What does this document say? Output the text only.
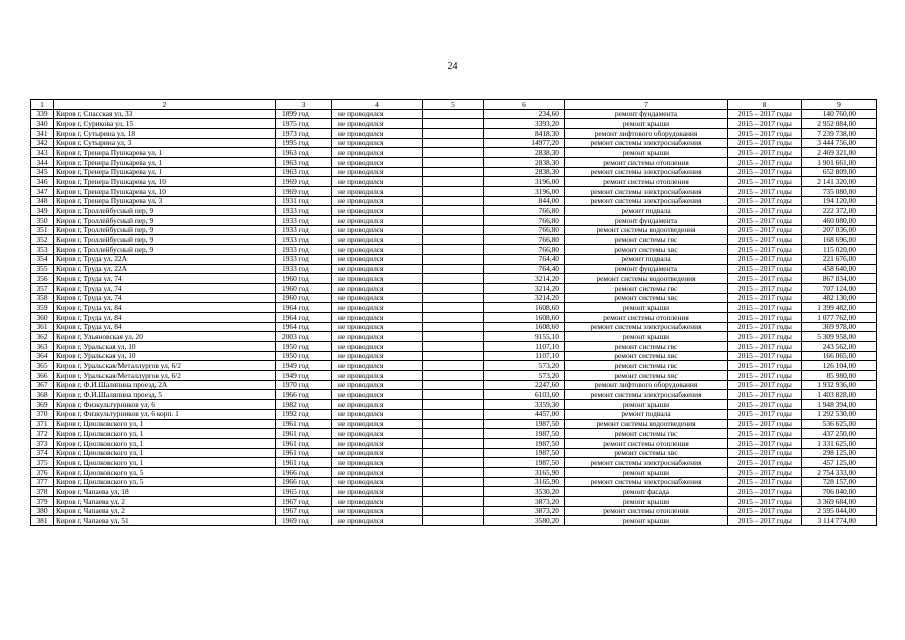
24
1	2	3	4	5	6	7	8	9
339	Киров г, Спасская ул, 33	1899 год	не проводился		234,60	ремонт фундамента	2015 – 2017 годы	140 760,00
340	Киров г, Сурикова ул, 15	1975 год	не проводился		3393,20	ремонт крыши	2015 – 2017 годы	2 952 084,00
341	Киров г, Сутырина ул, 18	1973 год	не проводился		8418,30	ремонт лифтового оборудования	2015 – 2017 годы	7 239 738,00
342	Киров г, Сутырина ул, 3	1995 год	не проводился		14977,20	ремонт системы электроснабжения	2015 – 2017 годы	3 444 756,00
343	Киров г, Тренера Пушкарева ул, 1	1963 год	не проводился		2838,30	ремонт крыши	2015 – 2017 годы	2 469 321,00
344	Киров г, Тренера Пушкарева ул, 1	1963 год	не проводился		2838,30	ремонт системы отопления	2015 – 2017 годы	1 901 661,00
345	Киров г, Тренера Пушкарева ул, 1	1963 год	не проводился		2838,30	ремонт системы электроснабжения	2015 – 2017 годы	652 809,00
346	Киров г, Тренера Пушкарева ул, 10	1969 год	не проводился		3196,00	ремонт системы отопления	2015 – 2017 годы	2 141 320,00
347	Киров г, Тренера Пушкарева ул, 10	1969 год	не проводился		3196,00	ремонт системы электроснабжения	2015 – 2017 годы	735 080,00
348	Киров г, Тренера Пушкарева ул, 3	1931 год	не проводился		844,00	ремонт системы электроснабжения	2015 – 2017 годы	194 120,00
349	Киров г, Троллейбусный пер, 9	1933 год	не проводился		766,80	ремонт подвала	2015 – 2017 годы	222 372,00
350	Киров г, Троллейбусный пер, 9	1933 год	не проводился		766,80	ремонт фундамента	2015 – 2017 годы	460 080,00
351	Киров г, Троллейбусный пер, 9	1933 год	не проводился		766,80	ремонт системы водоотведения	2015 – 2017 годы	207 036,00
352	Киров г, Троллейбусный пер, 9	1933 год	не проводился		766,80	ремонт системы гвс	2015 – 2017 годы	168 696,00
353	Киров г, Троллейбусный пер, 9	1933 год	не проводился		766,80	ремонт системы хвс	2015 – 2017 годы	115 020,00
354	Киров г, Труда ул, 22А	1933 год	не проводился		764,40	ремонт подвала	2015 – 2017 годы	221 676,00
355	Киров г, Труда ул, 22А	1933 год	не проводился		764,40	ремонт фундамента	2015 – 2017 годы	458 640,00
356	Киров г, Труда ул, 74	1960 год	не проводился		3214,20	ремонт системы водоотведения	2015 – 2017 годы	867 834,00
357	Киров г, Труда ул, 74	1960 год	не проводился		3214,20	ремонт системы гвс	2015 – 2017 годы	707 124,00
358	Киров г, Труда ул, 74	1960 год	не проводился		3214,20	ремонт системы хвс	2015 – 2017 годы	482 130,00
359	Киров г, Труда ул, 84	1964 год	не проводился		1608,60	ремонт крыши	2015 – 2017 годы	1 399 482,00
360	Киров г, Труда ул, 84	1964 год	не проводился		1608,60	ремонт системы отопления	2015 – 2017 годы	1 077 762,00
361	Киров г, Труда ул, 84	1964 год	не проводился		1608,60	ремонт системы электроснабжения	2015 – 2017 годы	369 978,00
362	Киров г, Ульяновская ул, 20	2003 год	не проводился		9155,10	ремонт крыши	2015 – 2017 годы	5 309 958,00
363	Киров г, Уральская ул, 10	1950 год	не проводился		1107,10	ремонт системы гвс	2015 – 2017 годы	243 562,00
364	Киров г, Уральская ул, 10	1950 год	не проводился		1107,10	ремонт системы хвс	2015 – 2017 годы	166 065,00
365	Киров г, Уральская/Металлургов ул, 6/2	1949 год	не проводился		573,20	ремонт системы гвс	2015 – 2017 годы	126 104,00
366	Киров г, Уральская/Металлургов ул, 6/2	1949 год	не проводился		573,20	ремонт системы хвс	2015 – 2017 годы	85 980,00
367	Киров г, Ф.И.Шаляпина проезд, 2А	1970 год	не проводился		2247,60	ремонт лифтового оборудования	2015 – 2017 годы	1 932 936,00
368	Киров г, Ф.И.Шаляпина проезд, 5	1966 год	не проводился		6103,60	ремонт системы электроснабжения	2015 – 2017 годы	1 403 828,00
369	Киров г, Физкультурников ул, 6	1982 год	не проводился		3359,30	ремонт крыши	2015 – 2017 годы	1 948 394,00
370	Киров г, Физкультурников ул, 6 корп. 1	1992 год	не проводился		4457,00	ремонт подвала	2015 – 2017 годы	1 292 530,00
371	Киров г, Циолковского ул, 1	1961 год	не проводился		1987,50	ремонт системы водоотведения	2015 – 2017 годы	536 625,00
372	Киров г, Циолковского ул, 1	1961 год	не проводился		1987,50	ремонт системы гвс	2015 – 2017 годы	437 250,00
373	Киров г, Циолковского ул, 1	1961 год	не проводился		1987,50	ремонт системы отопления	2015 – 2017 годы	1 331 625,00
374	Киров г, Циолковского ул, 1	1961 год	не проводился		1987,50	ремонт системы хвс	2015 – 2017 годы	298 125,00
375	Киров г, Циолковского ул, 1	1961 год	не проводился		1987,50	ремонт системы электроснабжения	2015 – 2017 годы	457 125,00
376	Киров г, Циолковского ул, 5	1966 год	не проводился		3165,90	ремонт крыши	2015 – 2017 годы	2 754 333,00
377	Киров г, Циолковского ул, 5	1966 год	не проводился		3165,90	ремонт системы электроснабжения	2015 – 2017 годы	728 157,00
378	Киров г, Чапаева ул, 18	1965 год	не проводился		3530,20	ремонт фасада	2015 – 2017 годы	706 040,00
379	Киров г, Чапаева ул, 2	1967 год	не проводился		3873,20	ремонт крыши	2015 – 2017 годы	3 369 684,00
380	Киров г, Чапаева ул, 2	1967 год	не проводился		3873,20	ремонт системы отопления	2015 – 2017 годы	2 595 044,00
381	Киров г, Чапаева ул, 51	1969 год	не проводился		3580,20	ремонт крыши	2015 – 2017 годы	3 114 774,00
